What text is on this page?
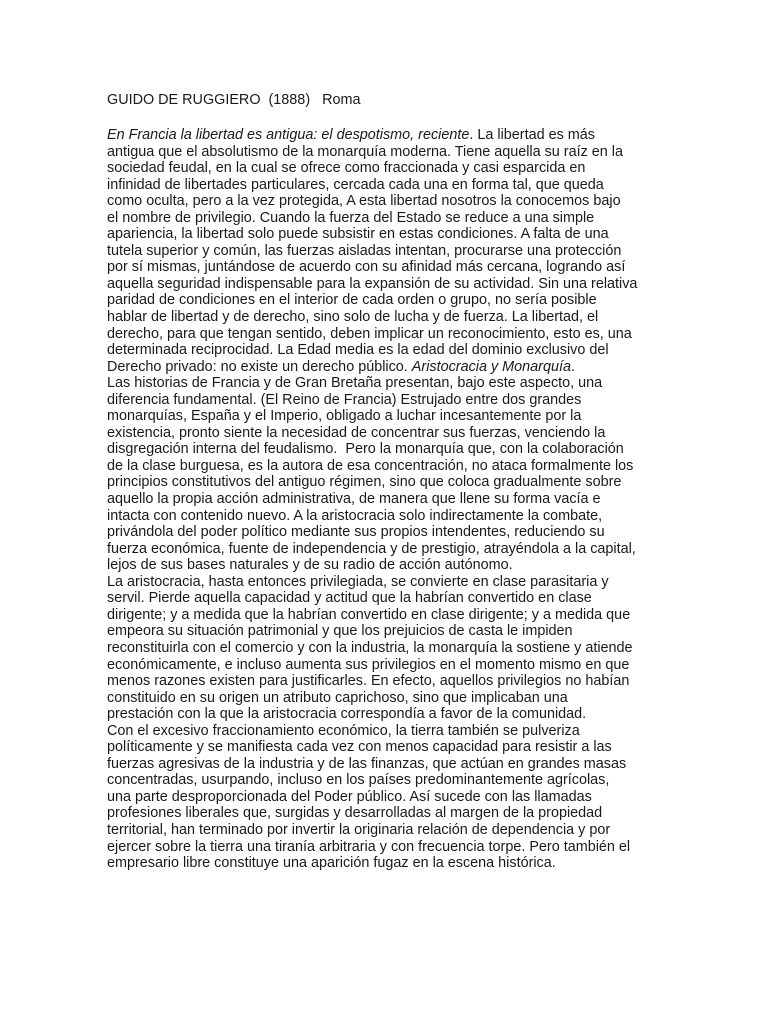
GUIDO DE RUGGIERO  (1888)   Roma
En Francia la libertad es antigua: el despotismo, reciente. La libertad es más
antigua que el absolutismo de la monarquía moderna. Tiene aquella su raíz en la
sociedad feudal, en la cual se ofrece como fraccionada y casi esparcida en
infinidad de libertades particulares, cercada cada una en forma tal, que queda
como oculta, pero a la vez protegida, A esta libertad nosotros la conocemos bajo
el nombre de privilegio. Cuando la fuerza del Estado se reduce a una simple
apariencia, la libertad solo puede subsistir en estas condiciones. A falta de una
tutela superior y común, las fuerzas aisladas intentan, procurarse una protección
por sí mismas, juntándose de acuerdo con su afinidad más cercana, logrando así
aquella seguridad indispensable para la expansión de su actividad. Sin una relativa
paridad de condiciones en el interior de cada orden o grupo, no sería posible
hablar de libertad y de derecho, sino solo de lucha y de fuerza. La libertad, el
derecho, para que tengan sentido, deben implicar un reconocimiento, esto es, una
determinada reciprocidad. La Edad media es la edad del dominio exclusivo del
Derecho privado: no existe un derecho público. Aristocracia y Monarquía.
Las historias de Francia y de Gran Bretaña presentan, bajo este aspecto, una
diferencia fundamental. (El Reino de Francia) Estrujado entre dos grandes
monarquías, España y el Imperio, obligado a luchar incesantemente por la
existencia, pronto siente la necesidad de concentrar sus fuerzas, venciendo la
disgregación interna del feudalismo.  Pero la monarquía que, con la colaboración
de la clase burguesa, es la autora de esa concentración, no ataca formalmente los
principios constitutivos del antiguo régimen, sino que coloca gradualmente sobre
aquello la propia acción administrativa, de manera que llene su forma vacía e
intacta con contenido nuevo. A la aristocracia solo indirectamente la combate,
privándola del poder político mediante sus propios intendentes, reduciendo su
fuerza económica, fuente de independencia y de prestigio, atrayéndola a la capital,
lejos de sus bases naturales y de su radio de acción autónomo.
La aristocracia, hasta entonces privilegiada, se convierte en clase parasitaria y
servil. Pierde aquella capacidad y actitud que la habrían convertido en clase
dirigente; y a medida que la habrían convertido en clase dirigente; y a medida que
empeora su situación patrimonial y que los prejuicios de casta le impiden
reconstituirla con el comercio y con la industria, la monarquía la sostiene y atiende
económicamente, e incluso aumenta sus privilegios en el momento mismo en que
menos razones existen para justificarles. En efecto, aquellos privilegios no habían
constituido en su origen un atributo caprichoso, sino que implicaban una
prestación con la que la aristocracia correspondía a favor de la comunidad.
Con el excesivo fraccionamiento económico, la tierra también se pulveriza
políticamente y se manifiesta cada vez con menos capacidad para resistir a las
fuerzas agresivas de la industria y de las finanzas, que actúan en grandes masas
concentradas, usurpando, incluso en los países predominantemente agrícolas,
una parte desproporcionada del Poder público. Así sucede con las llamadas
profesiones liberales que, surgidas y desarrolladas al margen de la propiedad
territorial, han terminado por invertir la originaria relación de dependencia y por
ejercer sobre la tierra una tiranía arbitraria y con frecuencia torpe. Pero también el
empresario libre constituye una aparición fugaz en la escena histórica.
